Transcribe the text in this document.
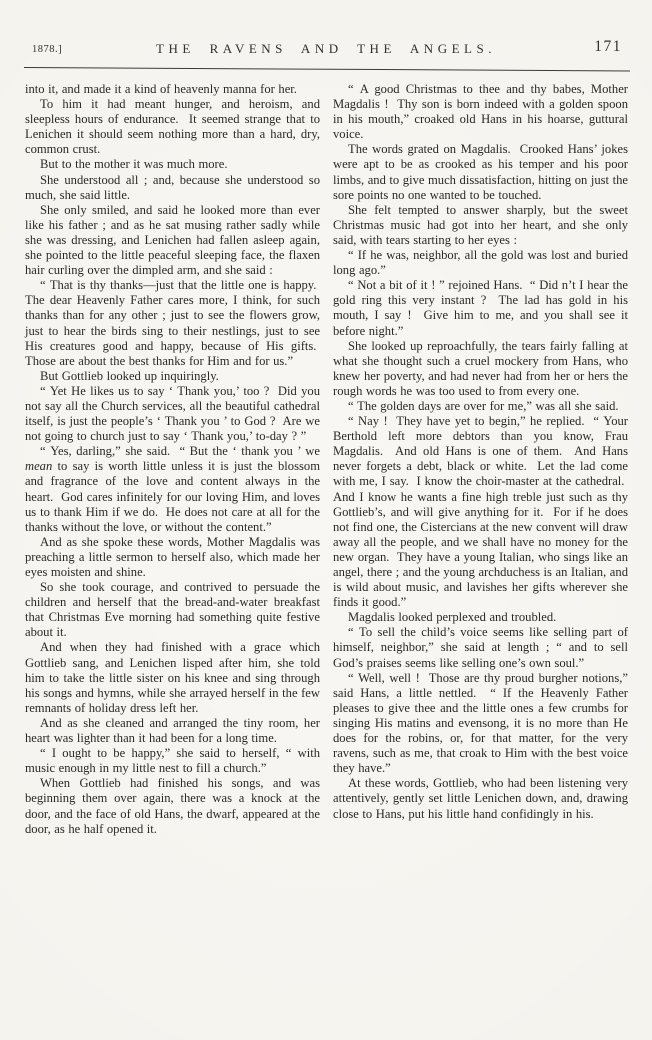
1878.]	THE RAVENS AND THE ANGELS.	171

into it, and made it a kind of heavenly manna for her.

To him it had meant hunger, and heroism, and sleepless hours of endurance.  It seemed strange that to Lenichen it should seem nothing more than a hard, dry, common crust.

But to the mother it was much more.

She understood all ; and, because she understood so much, she said little.

She only smiled, and said he looked more than ever like his father ; and as he sat musing rather sadly while she was dressing, and Lenichen had fallen asleep again, she pointed to the little peaceful sleeping face, the flaxen hair curling over the dimpled arm, and she said :

“ That is thy thanks—just that the little one is happy.  The dear Heavenly Father cares more, I think, for such thanks than for any other ; just to see the flowers grow, just to hear the birds sing to their nestlings, just to see His creatures good and happy, because of His gifts.  Those are about the best thanks for Him and for us.”

But Gottlieb looked up inquiringly.

“ Yet He likes us to say ‘ Thank you,’ too ?  Did you not say all the Church services, all the beautiful cathedral itself, is just the people’s ‘ Thank you ’ to God ?  Are we not going to church just to say ‘ Thank you,’ to-day ? ”

“ Yes, darling,” she said.  “ But the ‘ thank you ’ we mean to say is worth little unless it is just the blossom and fragrance of the love and content always in the heart.  God cares infinitely for our loving Him, and loves us to thank Him if we do.  He does not care at all for the thanks without the love, or without the content.”

And as she spoke these words, Mother Magdalis was preaching a little sermon to herself also, which made her eyes moisten and shine.

So she took courage, and contrived to persuade the children and herself that the bread-and-water breakfast that Christmas Eve morning had something quite festive about it.

And when they had finished with a grace which Gottlieb sang, and Lenichen lisped after him, she told him to take the little sister on his knee and sing through his songs and hymns, while she arrayed herself in the few remnants of holiday dress left her.

And as she cleaned and arranged the tiny room, her heart was lighter than it had been for a long time.

“ I ought to be happy,” she said to herself, “ with music enough in my little nest to fill a church.”

When Gottlieb had finished his songs, and was beginning them over again, there was a knock at the door, and the face of old Hans, the dwarf, appeared at the door, as he half opened it.

“ A good Christmas to thee and thy babes, Mother Magdalis !  Thy son is born indeed with a golden spoon in his mouth,” croaked old Hans in his hoarse, guttural voice.

The words grated on Magdalis.  Crooked Hans’ jokes were apt to be as crooked as his temper and his poor limbs, and to give much dissatisfaction, hitting on just the sore points no one wanted to be touched.

She felt tempted to answer sharply, but the sweet Christmas music had got into her heart, and she only said, with tears starting to her eyes :

“ If he was, neighbor, all the gold was lost and buried long ago.”

“ Not a bit of it ! ” rejoined Hans.  “ Did n’t I hear the gold ring this very instant ?  The lad has gold in his mouth, I say !  Give him to me, and you shall see it before night.”

She looked up reproachfully, the tears fairly falling at what she thought such a cruel mockery from Hans, who knew her poverty, and had never had from her or hers the rough words he was too used to from every one.

“ The golden days are over for me,” was all she said.

“ Nay !  They have yet to begin,” he replied.  “ Your Berthold left more debtors than you know, Frau Magdalis.  And old Hans is one of them.  And Hans never forgets a debt, black or white.  Let the lad come with me, I say.  I know the choir-master at the cathedral.  And I know he wants a fine high treble just such as thy Gottlieb’s, and will give anything for it.  For if he does not find one, the Cistercians at the new convent will draw away all the people, and we shall have no money for the new organ.  They have a young Italian, who sings like an angel, there ; and the young archduchess is an Italian, and is wild about music, and lavishes her gifts wherever she finds it good.”

Magdalis looked perplexed and troubled.

“ To sell the child’s voice seems like selling part of himself, neighbor,” she said at length ; “ and to sell God’s praises seems like selling one’s own soul.”

“ Well, well !  Those are thy proud burgher notions,” said Hans, a little nettled.  “ If the Heavenly Father pleases to give thee and the little ones a few crumbs for singing His matins and evensong, it is no more than He does for the robins, or, for that matter, for the very ravens, such as me, that croak to Him with the best voice they have.”

At these words, Gottlieb, who had been listening very attentively, gently set little Lenichen down, and, drawing close to Hans, put his little hand confidingly in his.
